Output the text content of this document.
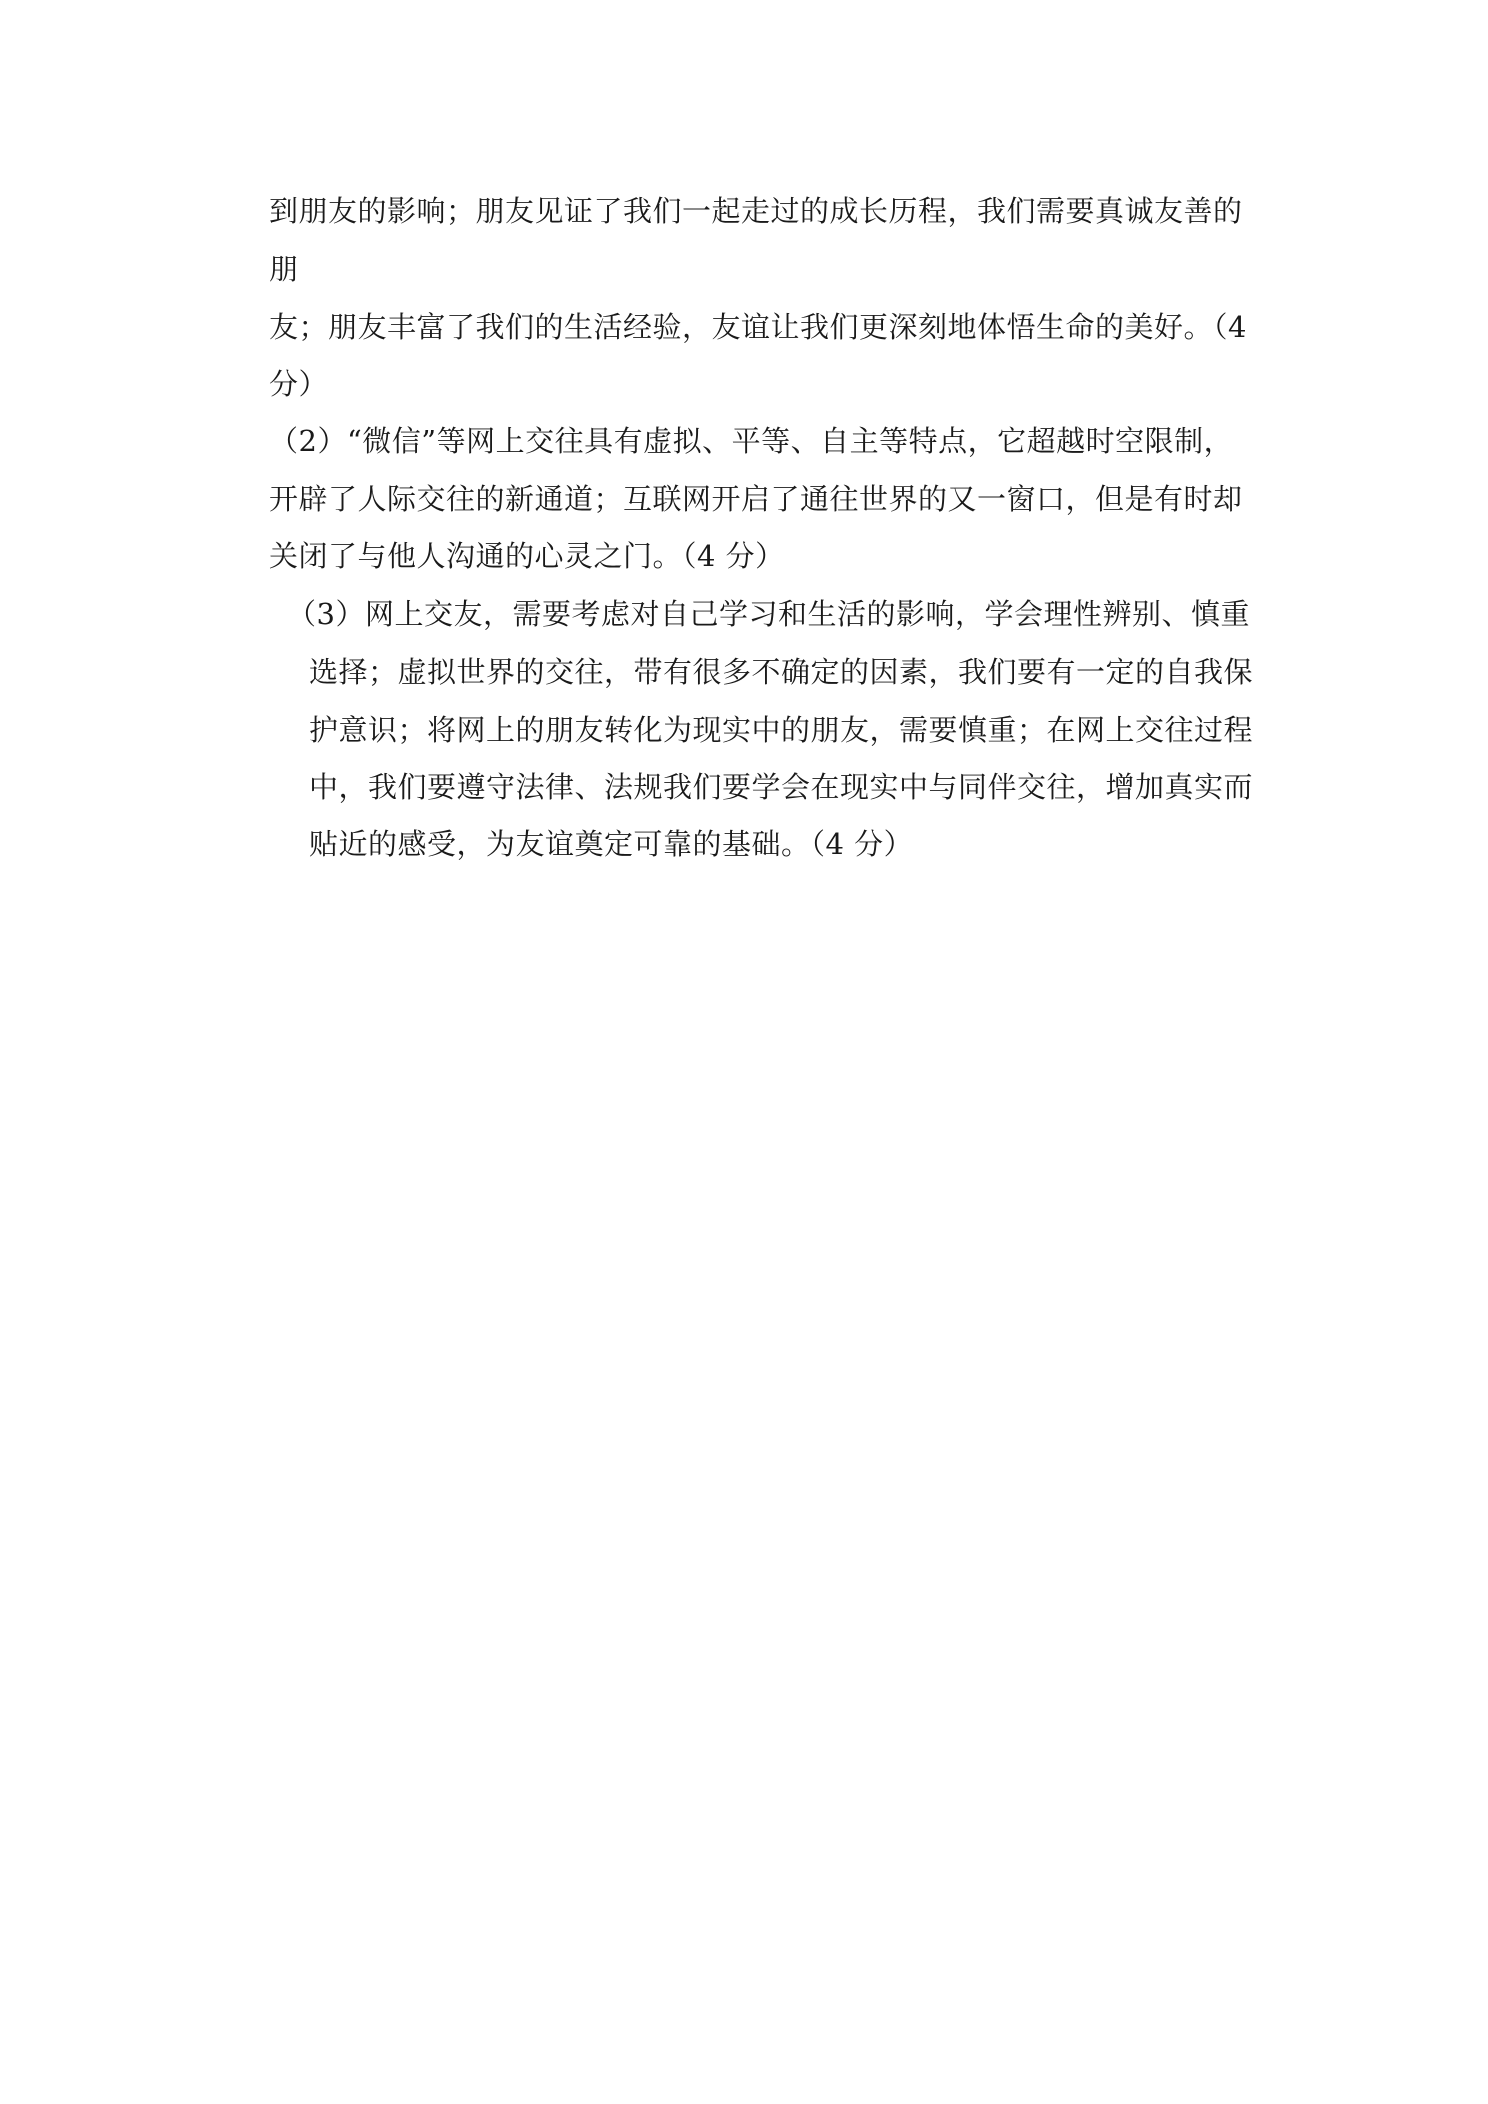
到朋友的影响；朋友见证了我们一起走过的成长历程，我们需要真诚友善的
朋
友；朋友丰富了我们的生活经验，友谊让我们更深刻地体悟生命的美好。（4
分）
（2）“微信”等网上交往具有虚拟、平等、自主等特点，它超越时空限制，
开辟了人际交往的新通道；互联网开启了通往世界的又一窗口，但是有时却
关闭了与他人沟通的心灵之门。（4 分）
（3）网上交友，需要考虑对自己学习和生活的影响，学会理性辨别、慎重
选择；虚拟世界的交往，带有很多不确定的因素，我们要有一定的自我保
护意识；将网上的朋友转化为现实中的朋友，需要慎重；在网上交往过程
中，我们要遵守法律、法规我们要学会在现实中与同伴交往，增加真实而
贴近的感受，为友谊奠定可靠的基础。（4 分）
